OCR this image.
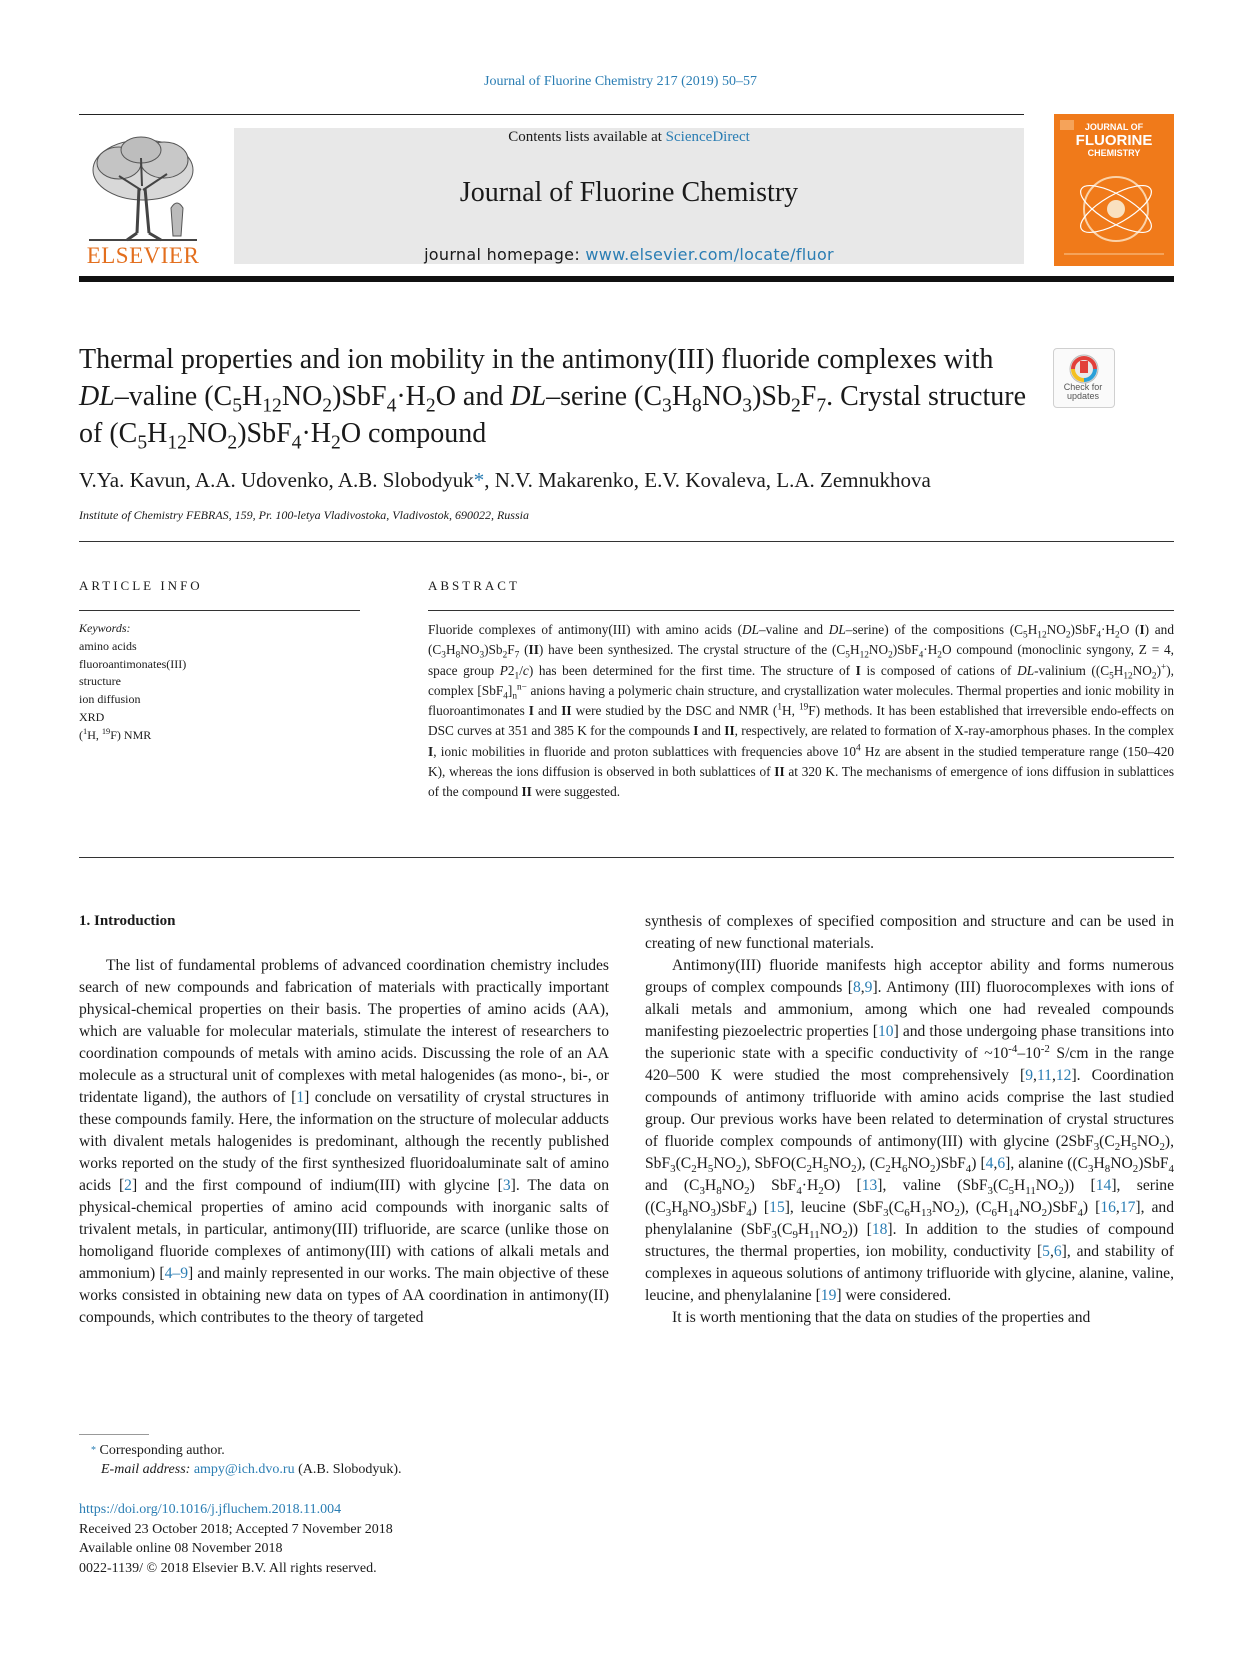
Journal of Fluorine Chemistry 217 (2019) 50–57
ELSEVIER
Contents lists available at ScienceDirect
Journal of Fluorine Chemistry
journal homepage: www.elsevier.com/locate/fluor
JOURNAL OF
FLUORINE
CHEMISTRY
Thermal properties and ion mobility in the antimony(III) fluoride complexes with DL–valine $(C_5H_{12}NO_2)SbF_4\cdot H_2O$ and DL–serine $(C_3H_8NO_3)Sb_2F_7$. Crystal structure of $(C_5H_{12}NO_2)SbF_4\cdot H_2O$ compound
Check for
updates
V.Ya. Kavun, A.A. Udovenko, A.B. Slobodyuk*, N.V. Makarenko, E.V. Kovaleva, L.A. Zemnukhova
Institute of Chemistry FEBRAS, 159, Pr. 100-letya Vladivostoka, Vladivostok, 690022, Russia
ARTICLE INFO
Keywords:
amino acids
fluoroantimonates(III)
structure
ion diffusion
XRD
($^1$H, $^{19}$F) NMR
ABSTRACT
Fluoride complexes of antimony(III) with amino acids (DL–valine and DL–serine) of the compositions $(C_5H_{12}NO_2)SbF_4\cdot H_2O$ (I) and $(C_3H_8NO_3)Sb_2F_7$ (II) have been synthesized. The crystal structure of the $(C_5H_{12}NO_2)SbF_4\cdot H_2O$ compound (monoclinic syngony, Z = 4, space group $P2_1/c$) has been determined for the first time. The structure of I is composed of cations of DL-valinium $((C_5H_{12}NO_2)^+)$, complex $[SbF_4]_n^{n-}$ anions having a polymeric chain structure, and crystallization water molecules. Thermal properties and ionic mobility in fluoroantimonates I and II were studied by the DSC and NMR ($^1$H, $^{19}$F) methods. It has been established that irreversible endo-effects on DSC curves at 351 and 385 K for the compounds I and II, respectively, are related to formation of X-ray-amorphous phases. In the complex I, ionic mobilities in fluoride and proton sublattices with frequencies above $10^4$ Hz are absent in the studied temperature range (150–420 K), whereas the ions diffusion is observed in both sublattices of II at 320 K. The mechanisms of emergence of ions diffusion in sublattices of the compound II were suggested.
1. Introduction

The list of fundamental problems of advanced coordination chemistry includes search of new compounds and fabrication of materials with practically important physical-chemical properties on their basis. The properties of amino acids (AA), which are valuable for molecular materials, stimulate the interest of researchers to coordination compounds of metals with amino acids. Discussing the role of an AA molecule as a structural unit of complexes with metal halogenides (as mono-, bi-, or tridentate ligand), the authors of [1] conclude on versatility of crystal structures in these compounds family. Here, the information on the structure of molecular adducts with divalent metals halogenides is predominant, although the recently published works reported on the study of the first synthesized fluoridoaluminate salt of amino acids [2] and the first compound of indium(III) with glycine [3]. The data on physical-chemical properties of amino acid compounds with inorganic salts of trivalent metals, in particular, antimony(III) trifluoride, are scarce (unlike those on homoligand fluoride complexes of antimony(III) with cations of alkali metals and ammonium) [4–9] and mainly represented in our works. The main objective of these works consisted in obtaining new data on types of AA coordination in antimony(II) compounds, which contributes to the theory of targeted

synthesis of complexes of specified composition and structure and can be used in creating of new functional materials.

Antimony(III) fluoride manifests high acceptor ability and forms numerous groups of complex compounds [8,9]. Antimony (III) fluorocomplexes with ions of alkali metals and ammonium, among which one had revealed compounds manifesting piezoelectric properties [10] and those undergoing phase transitions into the superionic state with a specific conductivity of $\sim 10^{-4}-10^{-2}$ S/cm in the range 420–500 K were studied the most comprehensively [9,11,12]. Coordination compounds of antimony trifluoride with amino acids comprise the last studied group. Our previous works have been related to determination of crystal structures of fluoride complex compounds of antimony(III) with glycine ($2SbF_3(C_2H_5NO_2)$, $SbF_3(C_2H_5NO_2)$, $SbFO(C_2H_5NO_2)$, $(C_2H_6NO_2)SbF_4$) [4,6], alanine ($(C_3H_8NO_2)SbF_4$ and $(C_3H_8NO_2)$ $SbF_4\cdot H_2O$) [13], valine $(SbF_3(C_5H_{11}NO_2))$ [14], serine $((C_3H_8NO_3)SbF_4)$ [15], leucine ($SbF_3(C_6H_{13}NO_2)$, $(C_6H_{14}NO_2)SbF_4$) [16,17], and phenylalanine $(SbF_3(C_9H_{11}NO_2))$ [18]. In addition to the studies of compound structures, the thermal properties, ion mobility, conductivity [5,6], and stability of complexes in aqueous solutions of antimony trifluoride with glycine, alanine, valine, leucine, and phenylalanine [19] were considered.

It is worth mentioning that the data on studies of the properties and

* Corresponding author.
E-mail address: ampy@ich.dvo.ru (A.B. Slobodyuk).
https://doi.org/10.1016/j.jfluchem.2018.11.004
Received 23 October 2018; Accepted 7 November 2018
Available online 08 November 2018
0022-1139/ © 2018 Elsevier B.V. All rights reserved.
